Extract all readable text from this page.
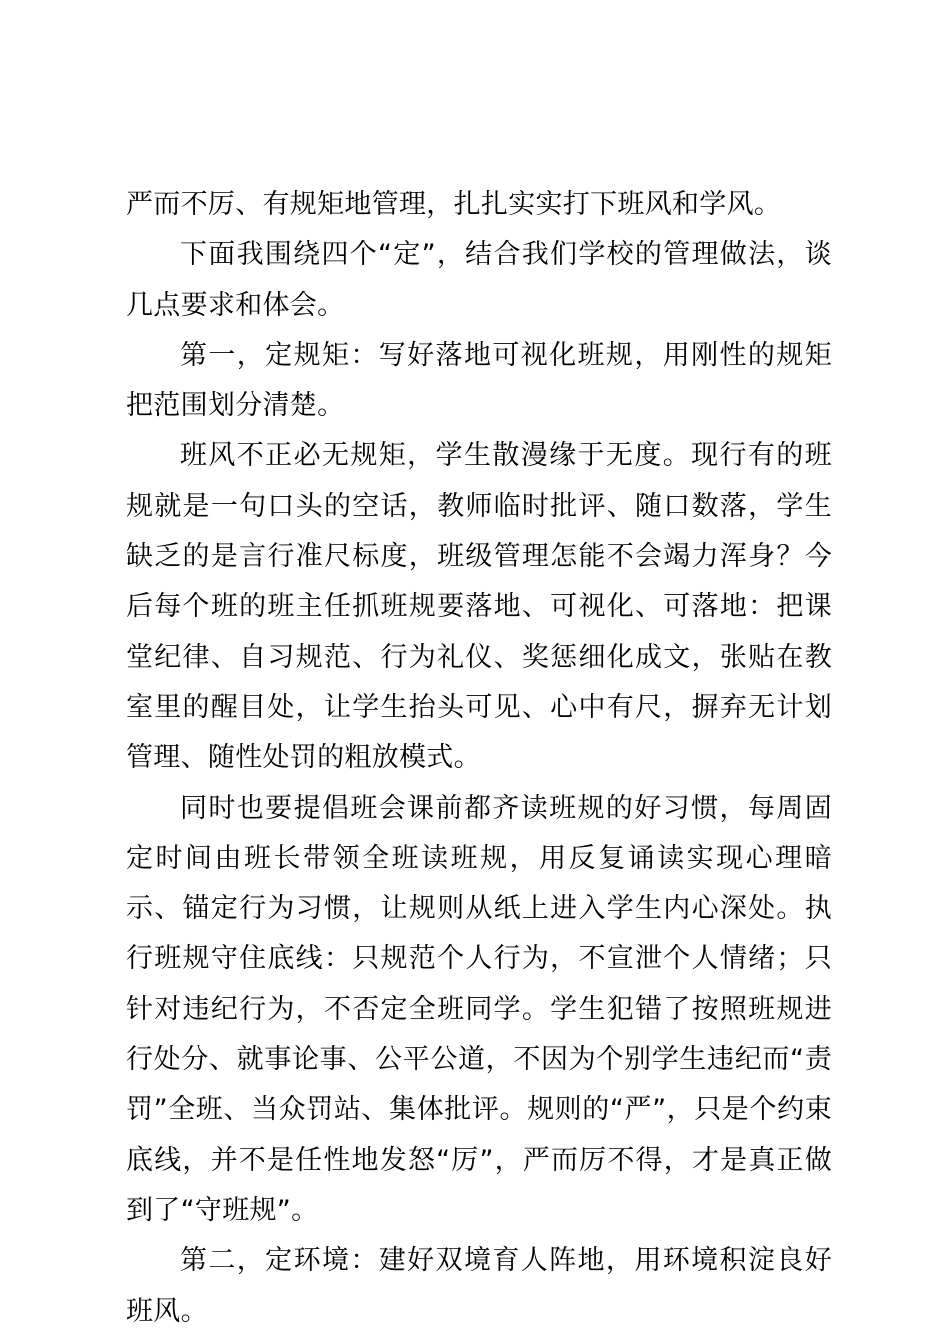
严而不厉、有规矩地管理，扎扎实实打下班风和学风。

下面我围绕四个“定”，结合我们学校的管理做法，谈几点要求和体会。

第一，定规矩：写好落地可视化班规，用刚性的规矩把范围划分清楚。

班风不正必无规矩，学生散漫缘于无度。现行有的班规就是一句口头的空话，教师临时批评、随口数落，学生缺乏的是言行准尺标度，班级管理怎能不会竭力浑身？今后每个班的班主任抓班规要落地、可视化、可落地：把课堂纪律、自习规范、行为礼仪、奖惩细化成文，张贴在教室里的醒目处，让学生抬头可见、心中有尺，摒弃无计划管理、随性处罚的粗放模式。

同时也要提倡班会课前都齐读班规的好习惯，每周固定时间由班长带领全班读班规，用反复诵读实现心理暗示、锚定行为习惯，让规则从纸上进入学生内心深处。执行班规守住底线：只规范个人行为，不宣泄个人情绪；只针对违纪行为，不否定全班同学。学生犯错了按照班规进行处分、就事论事、公平公道，不因为个别学生违纪而“责罚”全班、当众罚站、集体批评。规则的“严”，只是个约束底线，并不是任性地发怒“厉”，严而厉不得，才是真正做到了“守班规”。

第二，定环境：建好双境育人阵地，用环境积淀良好班风。
